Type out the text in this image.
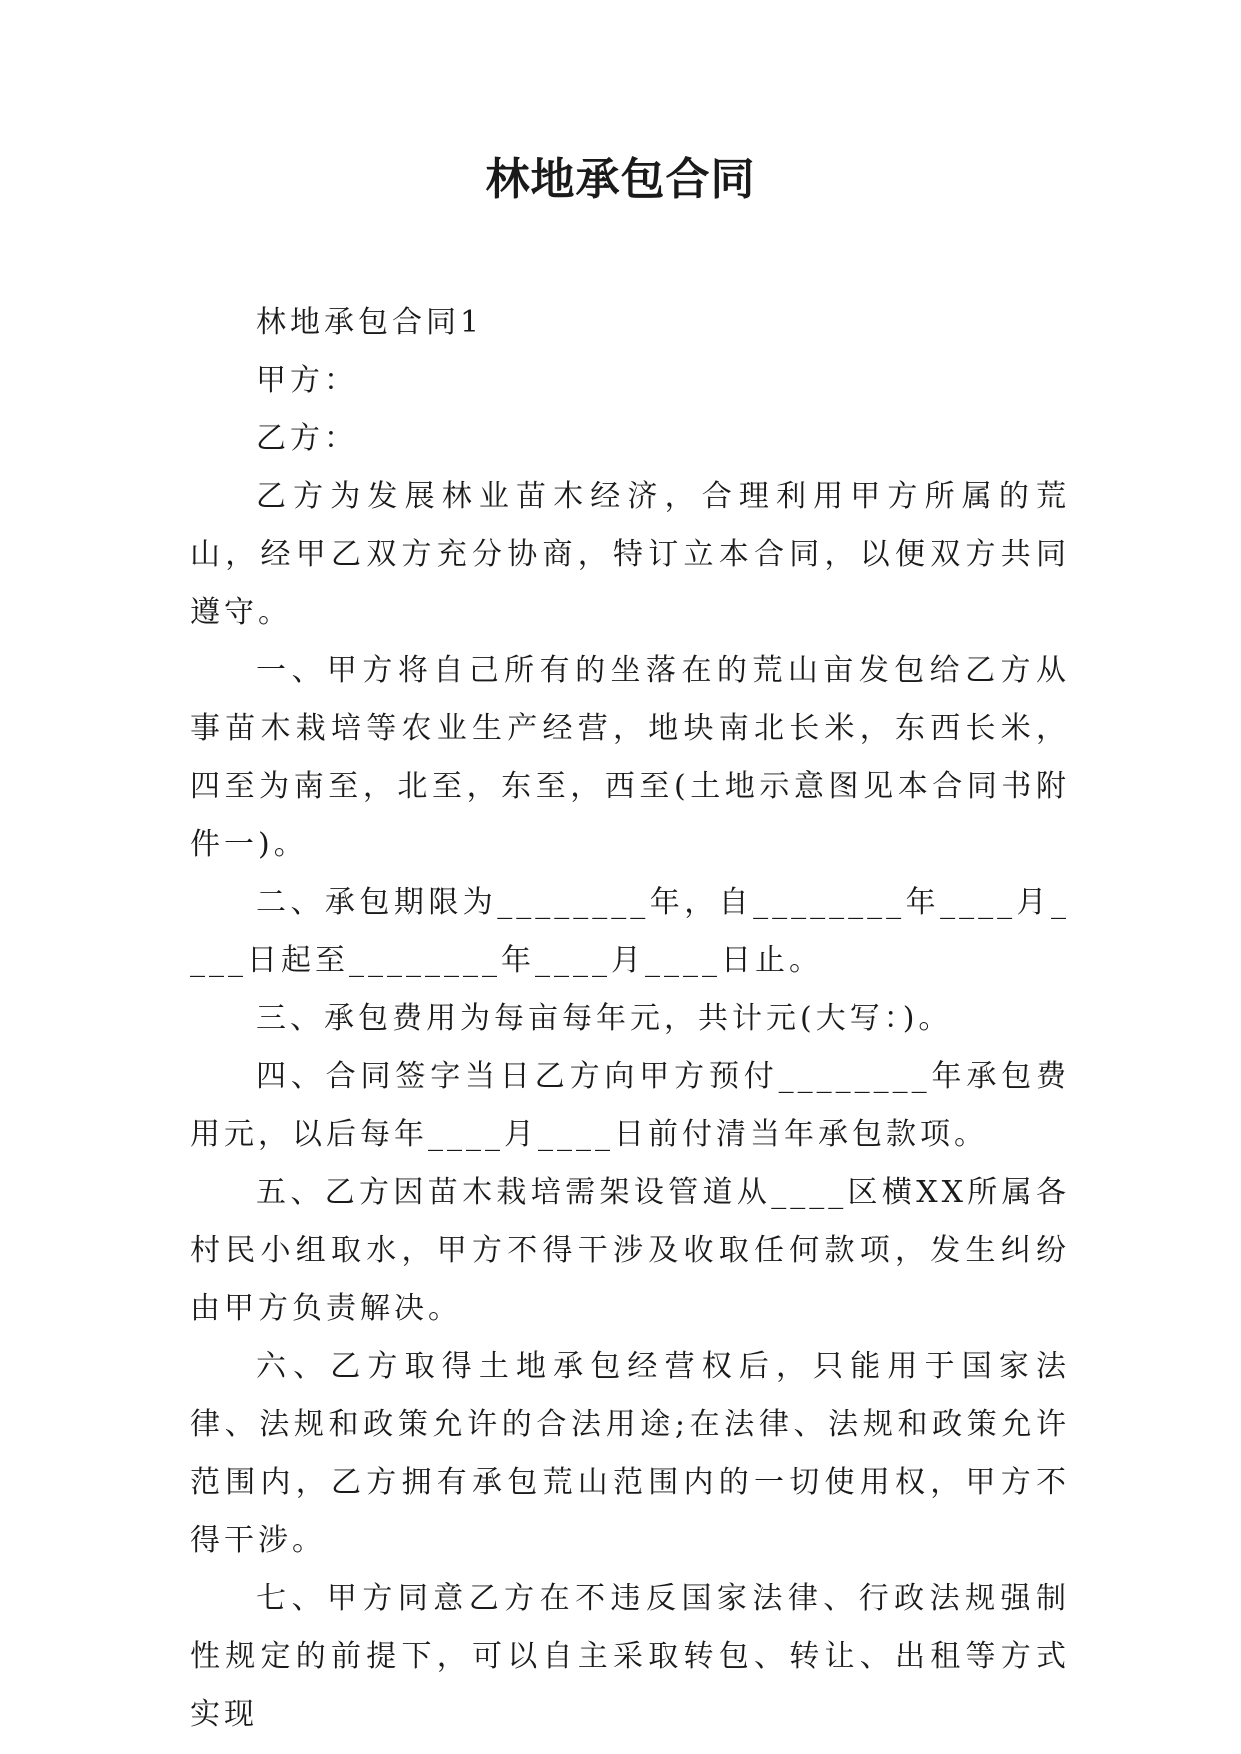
林地承包合同

林地承包合同1

甲方：

乙方：

乙方为发展林业苗木经济，合理利用甲方所属的荒山，经甲乙双方充分协商，特订立本合同，以便双方共同遵守。

一、甲方将自己所有的坐落在的荒山亩发包给乙方从事苗木栽培等农业生产经营，地块南北长米，东西长米，四至为南至，北至，东至，西至(土地示意图见本合同书附件一)。

二、承包期限为________年，自________年____月____日起至________年____月____日止。

三、承包费用为每亩每年元，共计元(大写：)。

四、合同签字当日乙方向甲方预付________年承包费用元，以后每年____月____日前付清当年承包款项。

五、乙方因苗木栽培需架设管道从____区横XX所属各村民小组取水，甲方不得干涉及收取任何款项，发生纠纷由甲方负责解决。

六、乙方取得土地承包经营权后，只能用于国家法律、法规和政策允许的合法用途;在法律、法规和政策允许范围内，乙方拥有承包荒山范围内的一切使用权，甲方不得干涉。

七、甲方同意乙方在不违反国家法律、行政法规强制性规定的前提下，可以自主采取转包、转让、出租等方式实现
